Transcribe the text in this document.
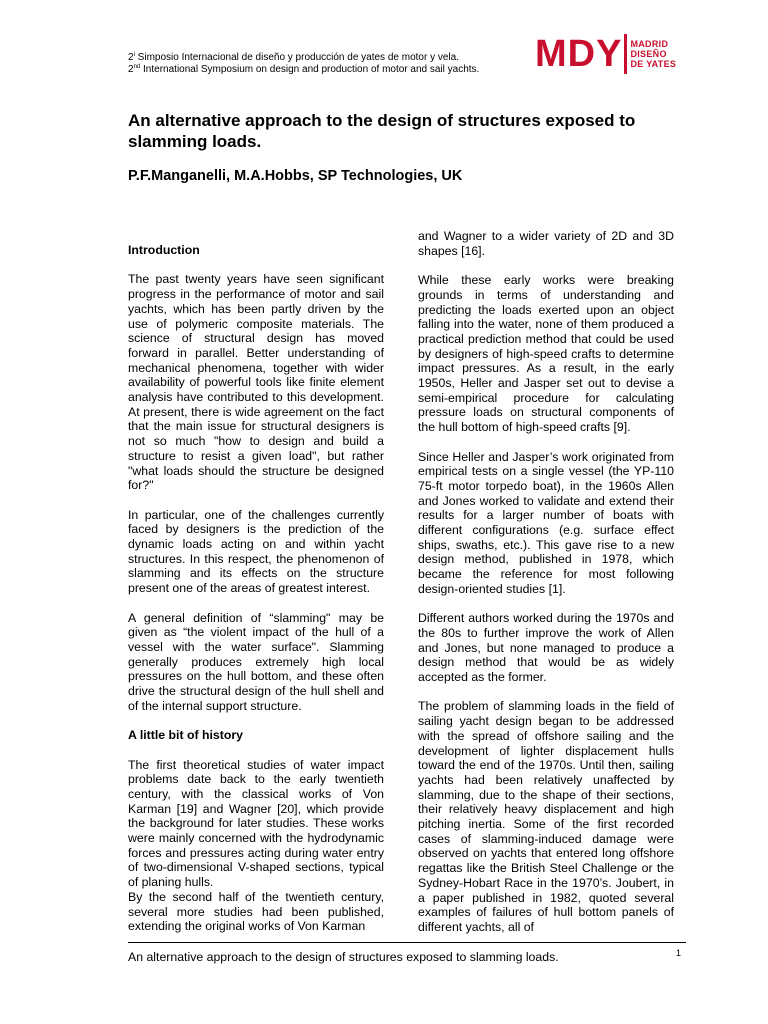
2$^i$ Simposio Internacional de diseño y producción de yates de motor y vela.
2nd International Symposium on design and production of motor and sail yachts. MDY MADRID
DISEÑO
DE YATES
An alternative approach to the design of structures exposed to slamming loads.
P.F.Manganelli, M.A.Hobbs, SP Technologies, UK
Introduction

The past twenty years have seen significant progress in the performance of motor and sail yachts, which has been partly driven by the use of polymeric composite materials. The science of structural design has moved forward in parallel. Better understanding of mechanical phenomena, together with wider availability of powerful tools like finite element analysis have contributed to this development. At present, there is wide agreement on the fact that the main issue for structural designers is not so much "how to design and build a structure to resist a given load", but rather "what loads should the structure be designed for?"

In particular, one of the challenges currently faced by designers is the prediction of the dynamic loads acting on and within yacht structures. In this respect, the phenomenon of slamming and its effects on the structure present one of the areas of greatest interest.

A general definition of “slamming" may be given as “the violent impact of the hull of a vessel with the water surface". Slamming generally produces extremely high local pressures on the hull bottom, and these often drive the structural design of the hull shell and of the internal support structure.

A little bit of history

The first theoretical studies of water impact problems date back to the early twentieth century, with the classical works of Von Karman [19] and Wagner [20], which provide the background for later studies. These works were mainly concerned with the hydrodynamic forces and pressures acting during water entry of two-dimensional V-shaped sections, typical of planing hulls.

By the second half of the twentieth century, several more studies had been published, extending the original works of Von Karman

and Wagner to a wider variety of 2D and 3D shapes [16].

While these early works were breaking grounds in terms of understanding and predicting the loads exerted upon an object falling into the water, none of them produced a practical prediction method that could be used by designers of high-speed crafts to determine impact pressures. As a result, in the early 1950s, Heller and Jasper set out to devise a semi-empirical procedure for calculating pressure loads on structural components of the hull bottom of high-speed crafts [9].

Since Heller and Jasper’s work originated from empirical tests on a single vessel (the YP-110 75-ft motor torpedo boat), in the 1960s Allen and Jones worked to validate and extend their results for a larger number of boats with different configurations (e.g. surface effect ships, swaths, etc.). This gave rise to a new design method, published in 1978, which became the reference for most following design-oriented studies [1].

Different authors worked during the 1970s and the 80s to further improve the work of Allen and Jones, but none managed to produce a design method that would be as widely accepted as the former.

The problem of slamming loads in the field of sailing yacht design began to be addressed with the spread of offshore sailing and the development of lighter displacement hulls toward the end of the 1970s. Until then, sailing yachts had been relatively unaffected by slamming, due to the shape of their sections, their relatively heavy displacement and high pitching inertia. Some of the first recorded cases of slamming-induced damage were observed on yachts that entered long offshore regattas like the British Steel Challenge or the Sydney-Hobart Race in the 1970’s. Joubert, in a paper published in 1982, quoted several examples of failures of hull bottom panels of different yachts, all of

An alternative approach to the design of structures exposed to slamming loads.	1
